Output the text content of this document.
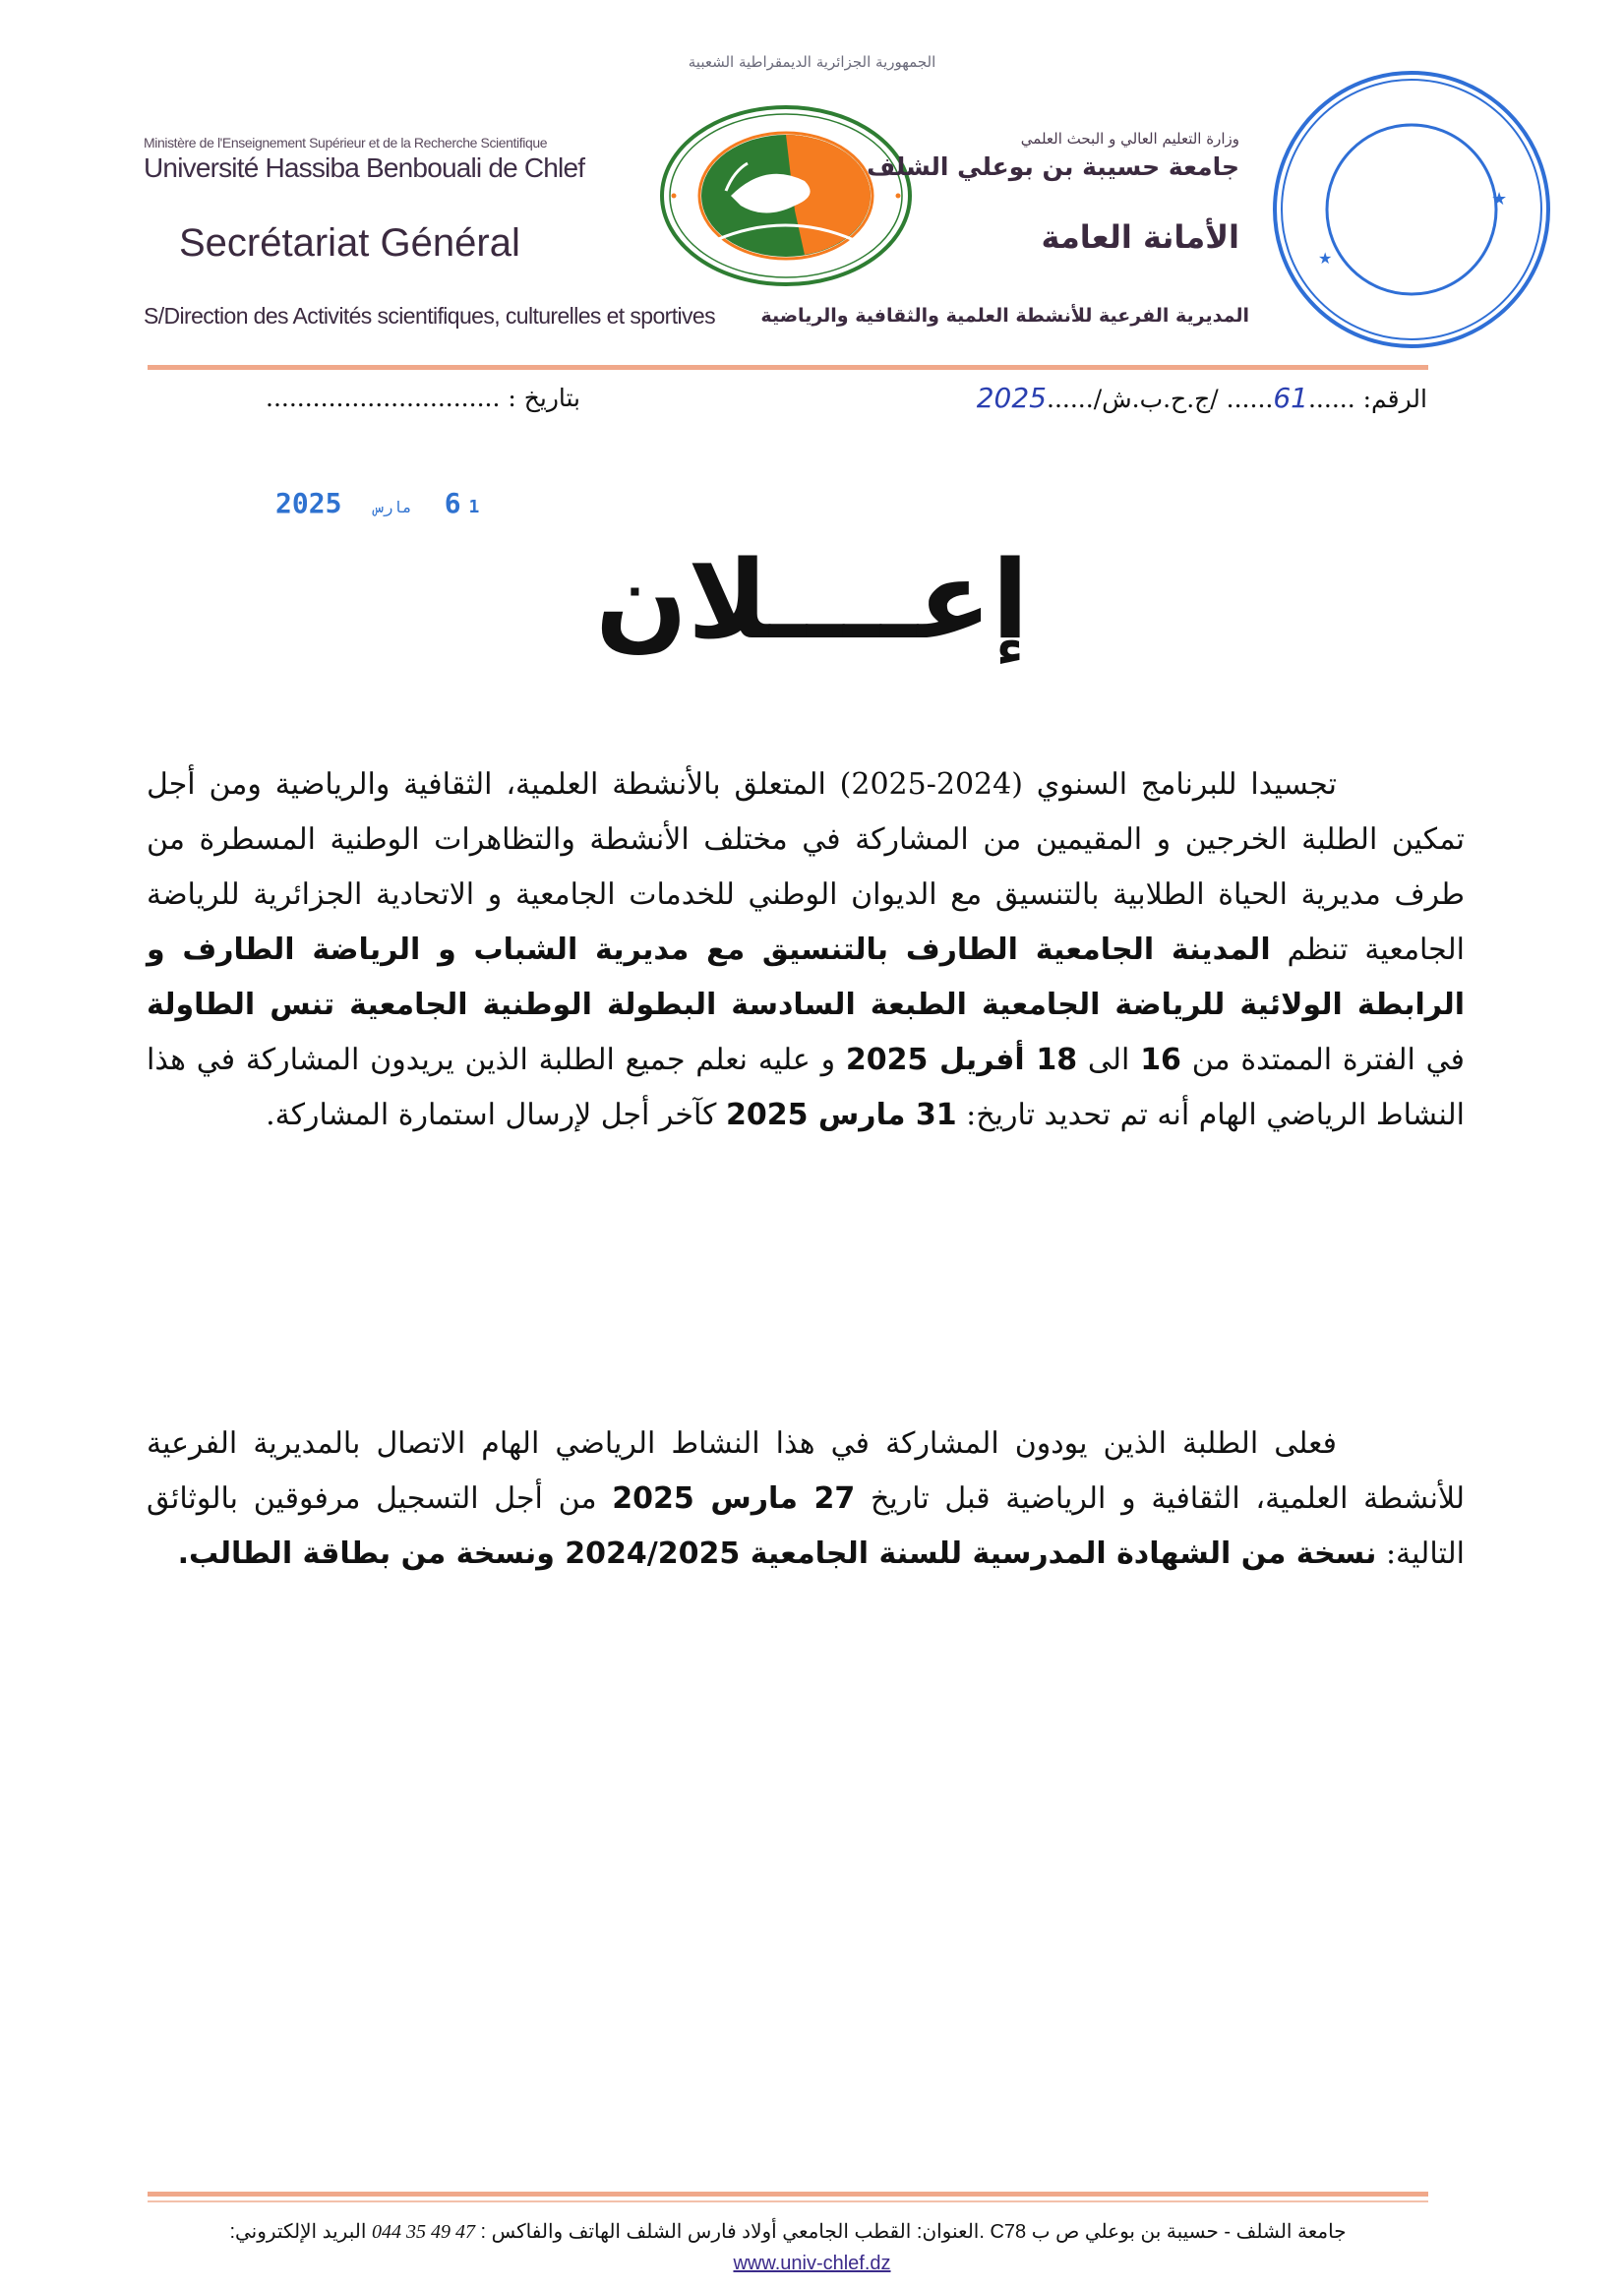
الجمهورية الجزائرية الديمقراطية الشعبية
Ministère de l'Enseignement Supérieur et de la Recherche Scientifique
Université Hassiba Benbouali de Chlef
Secrétariat Général
S/Direction des Activités scientifiques, culturelles et sportives
وزارة التعليم العالي و البحث العلمي
جامعة حسيبة بن بوعلي الشلف
الأمانة العامة
المديرية الفرعية للأنشطة العلمية والثقافية والرياضية
★
★
الرقم: ......61...... /ج.ح.ب.ش/......2025
بتاريخ : ..............................
6 1 مارس 2025
إعــــلان
تجسيدا للبرنامج السنوي (2024-2025) المتعلق بالأنشطة العلمية، الثقافية والرياضية ومن أجل تمكين الطلبة الخرجين و المقيمين من المشاركة في مختلف الأنشطة والتظاهرات الوطنية المسطرة من طرف مديرية الحياة الطلابية بالتنسيق مع الديوان الوطني للخدمات الجامعية و الاتحادية الجزائرية للرياضة الجامعية تنظم المدينة الجامعية الطارف بالتنسيق مع مديرية الشباب و الرياضة الطارف و الرابطة الولائية للرياضة الجامعية الطبعة السادسة البطولة الوطنية الجامعية تنس الطاولة في الفترة الممتدة من 16 الى 18 أفريل 2025 و عليه نعلم جميع الطلبة الذين يريدون المشاركة في هذا النشاط الرياضي الهام أنه تم تحديد تاريخ: 31 مارس 2025 كآخر أجل لإرسال استمارة المشاركة.
فعلى الطلبة الذين يودون المشاركة في هذا النشاط الرياضي الهام الاتصال بالمديرية الفرعية للأنشطة العلمية، الثقافية و الرياضية قبل تاريخ 27 مارس 2025 من أجل التسجيل مرفوقين بالوثائق التالية: نسخة من الشهادة المدرسية للسنة الجامعية 2024/2025 ونسخة من بطاقة الطالب.
جامعة الشلف - حسيبة بن بوعلي ص ب C78 .العنوان: القطب الجامعي أولاد فارس الشلف الهاتف والفاكس : 044 35 49 47 البريد الإلكتروني:
www.univ-chlef.dz
